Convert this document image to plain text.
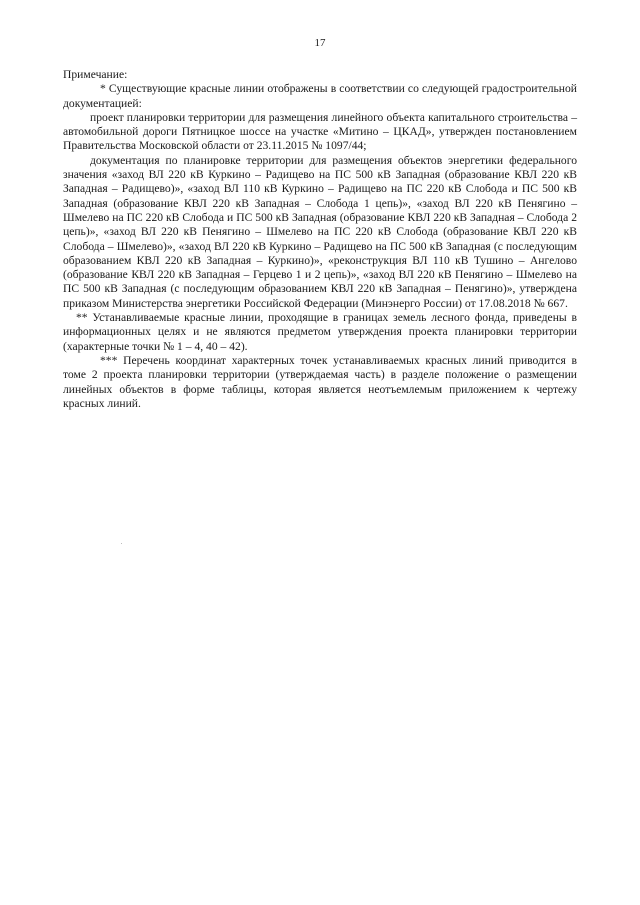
17

Примечание:

* Существующие красные линии отображены в соответствии со следующей градостроительной документацией:

проект планировки территории для размещения линейного объекта капитального строительства – автомобильной дороги Пятницкое шоссе на участке «Митино – ЦКАД», утвержден постановлением Правительства Московской области от 23.11.2015 № 1097/44;

документация по планировке территории для размещения объектов энергетики федерального значения «заход ВЛ 220 кВ Куркино – Радищево на ПС 500 кВ Западная (образование КВЛ 220 кВ Западная – Радищево)», «заход ВЛ 110 кВ Куркино – Радищево на ПС 220 кВ Слобода и ПС 500 кВ Западная (образование КВЛ 220 кВ Западная – Слобода 1 цепь)», «заход ВЛ 220 кВ Пенягино – Шмелево на ПС 220 кВ Слобода и ПС 500 кВ Западная (образование КВЛ 220 кВ Западная – Слобода 2 цепь)», «заход ВЛ 220 кВ Пенягино – Шмелево на ПС 220 кВ Слобода (образование КВЛ 220 кВ Слобода – Шмелево)», «заход ВЛ 220 кВ Куркино – Радищево на ПС 500 кВ Западная (с последующим образованием КВЛ 220 кВ Западная – Куркино)», «реконструкция ВЛ 110 кВ Тушино – Ангелово (образование КВЛ 220 кВ Западная – Герцево 1 и 2 цепь)», «заход ВЛ 220 кВ Пенягино – Шмелево на ПС 500 кВ Западная (с последующим образованием КВЛ 220 кВ Западная – Пенягино)», утверждена приказом Министерства энергетики Российской Федерации (Минэнерго России) от 17.08.2018 № 667.

** Устанавливаемые красные линии, проходящие в границах земель лесного фонда, приведены в информационных целях и не являются предметом утверждения проекта планировки территории (характерные точки № 1 – 4, 40 – 42).

*** Перечень координат характерных точек устанавливаемых красных линий приводится в томе 2 проекта планировки территории (утверждаемая часть) в разделе положение о размещении линейных объектов в форме таблицы, которая является неотъемлемым приложением к чертежу красных линий.
